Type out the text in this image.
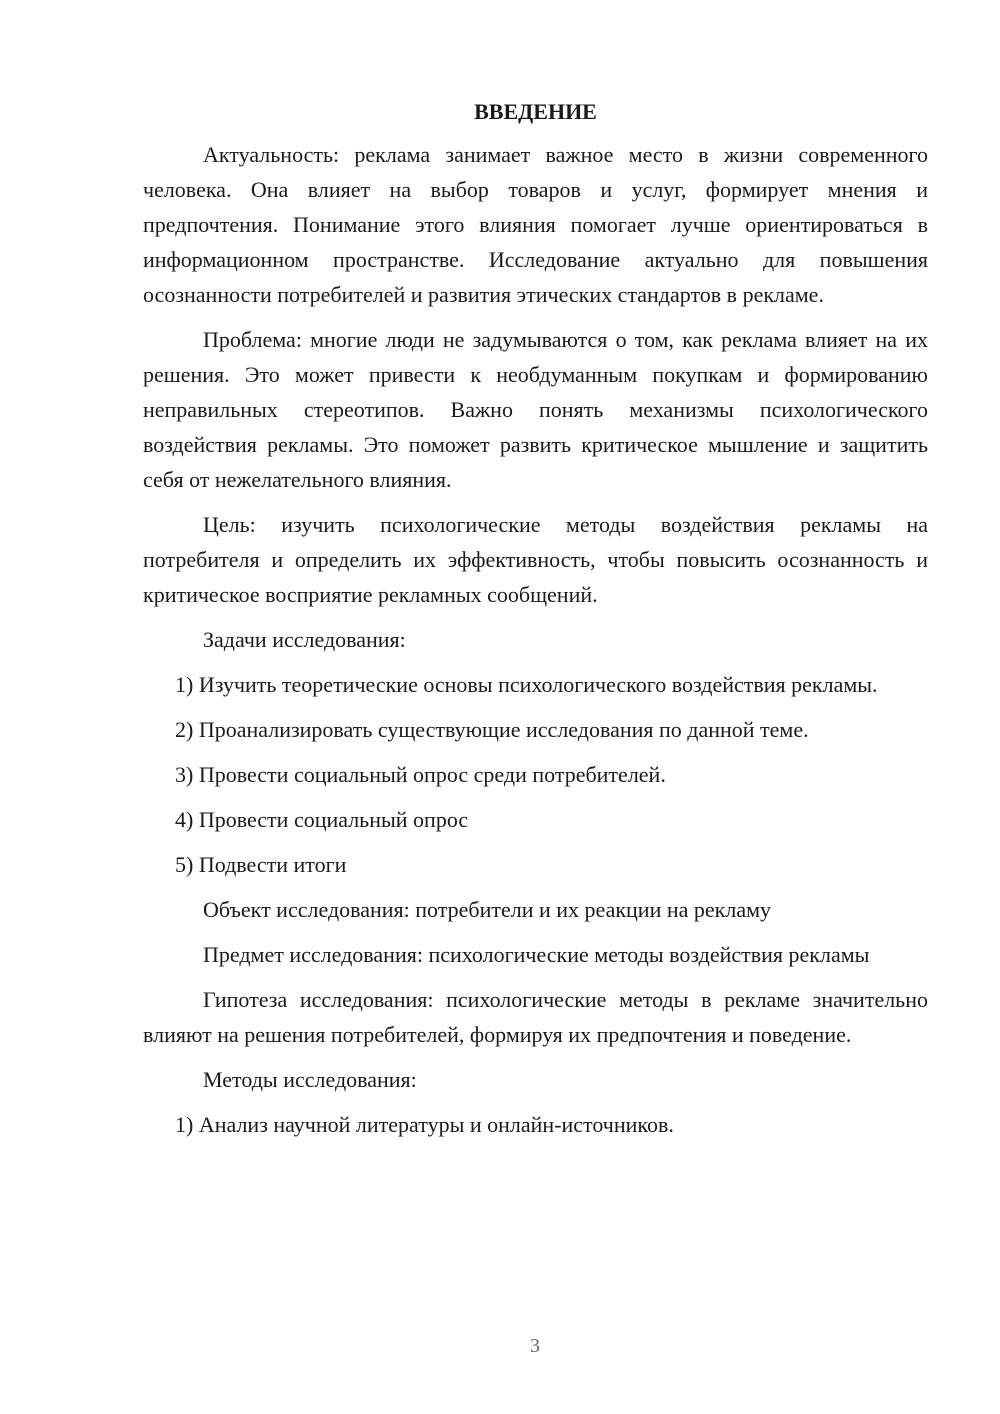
ВВЕДЕНИЕ

Актуальность: реклама занимает важное место в жизни современного человека. Она влияет на выбор товаров и услуг, формирует мнения и предпочтения. Понимание этого влияния помогает лучше ориентироваться в информационном пространстве. Исследование актуально для повышения осознанности потребителей и развития этических стандартов в рекламе.

Проблема: многие люди не задумываются о том, как реклама влияет на их решения. Это может привести к необдуманным покупкам и формированию неправильных стереотипов. Важно понять механизмы психологического воздействия рекламы. Это поможет развить критическое мышление и защитить себя от нежелательного влияния.

Цель: изучить психологические методы воздействия рекламы на потребителя и определить их эффективность, чтобы повысить осознанность и критическое восприятие рекламных сообщений.

Задачи исследования:

1) Изучить теоретические основы психологического воздействия рекламы.

2) Проанализировать существующие исследования по данной теме.

3) Провести социальный опрос среди потребителей.

4) Провести социальный опрос

5) Подвести итоги

Объект исследования: потребители и их реакции на рекламу

Предмет исследования: психологические методы воздействия рекламы

Гипотеза исследования: психологические методы в рекламе значительно влияют на решения потребителей, формируя их предпочтения и поведение.

Методы исследования:

1) Анализ научной литературы и онлайн-источников.

3
